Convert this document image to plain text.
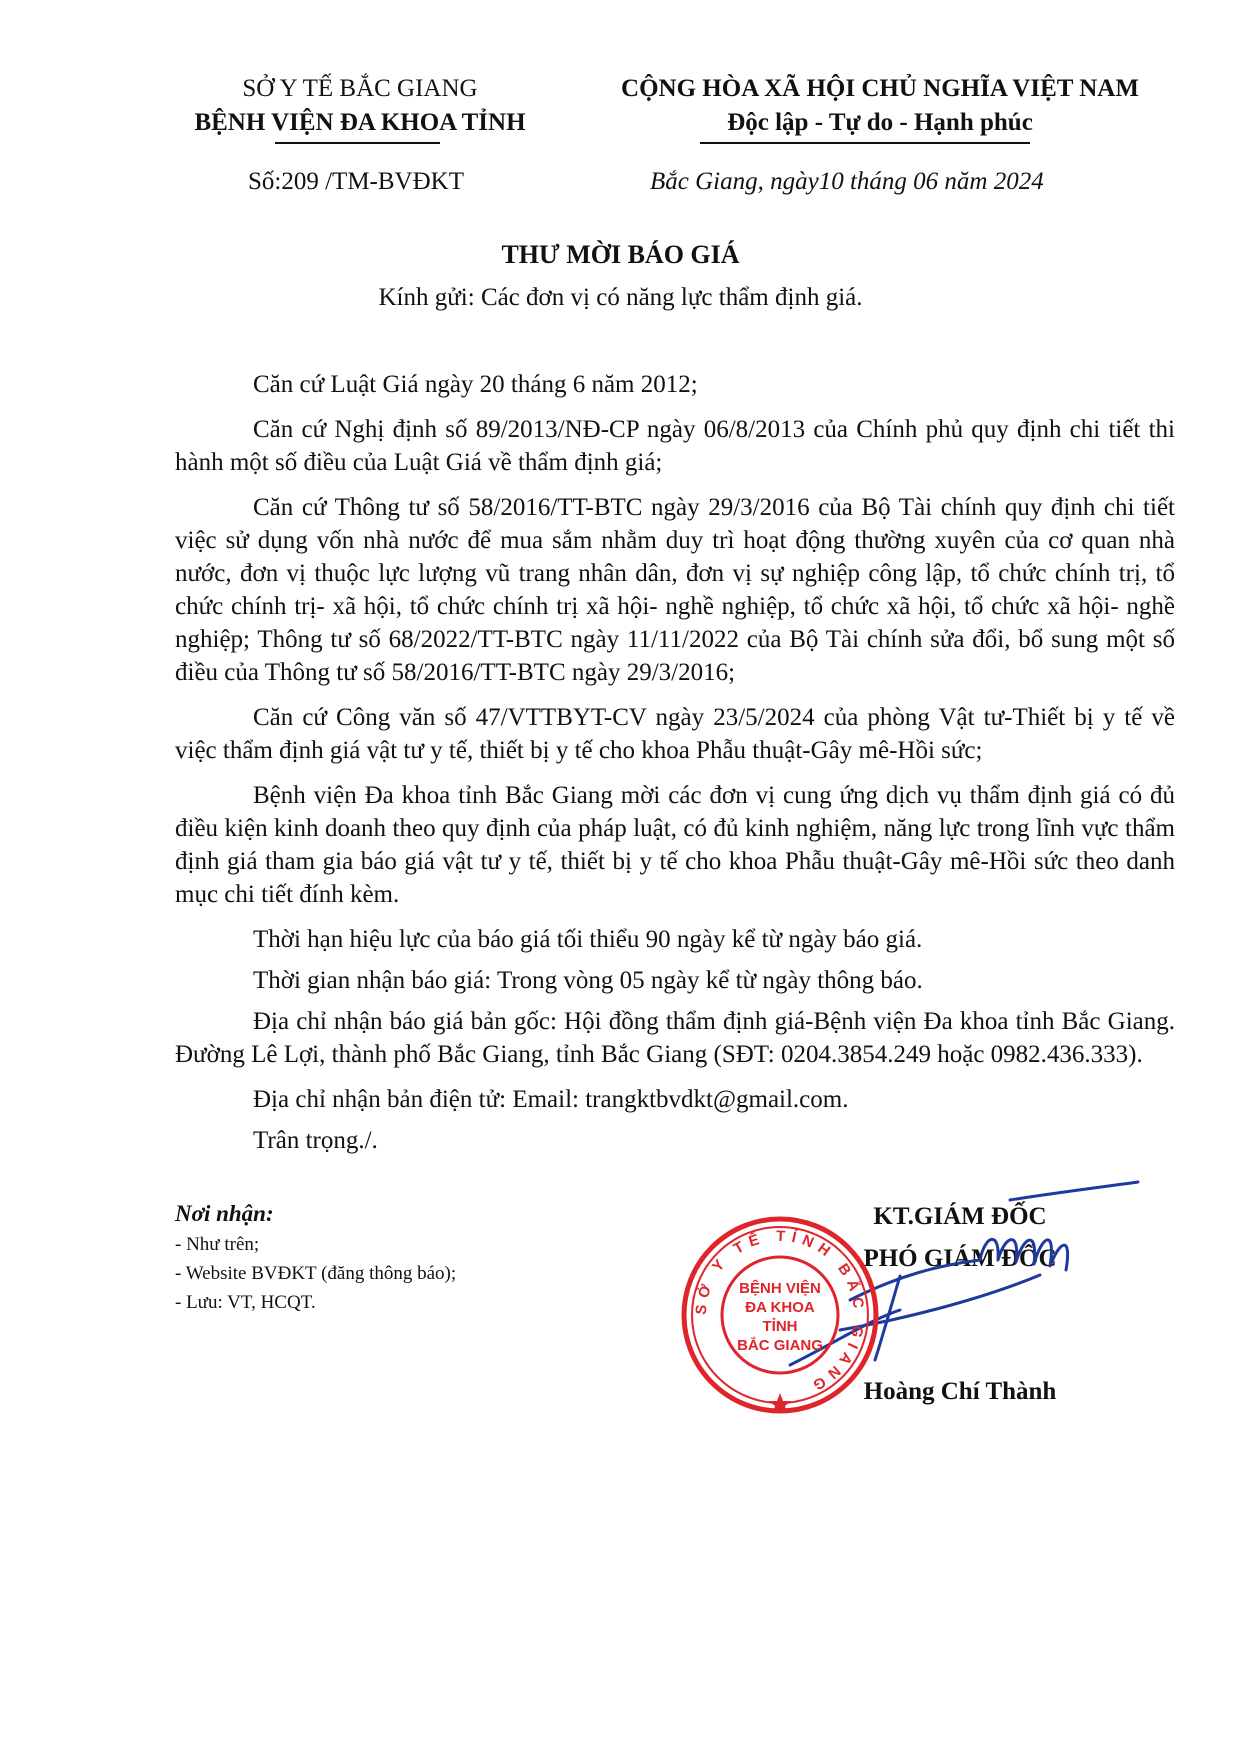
SỞ Y TẾ BẮC GIANG
BỆNH VIỆN ĐA KHOA TỈNH
CỘNG HÒA XÃ HỘI CHỦ NGHĨA VIỆT NAM
Độc lập - Tự do - Hạnh phúc
Số:209 /TM-BVĐKT	Bắc Giang, ngày10 tháng 06 năm 2024
THƯ MỜI BÁO GIÁ
Kính gửi: Các đơn vị có năng lực thẩm định giá.

Căn cứ Luật Giá ngày 20 tháng 6 năm 2012;

Căn cứ Nghị định số 89/2013/NĐ-CP ngày 06/8/2013 của Chính phủ quy định chi tiết thi hành một số điều của Luật Giá về thẩm định giá;

Căn cứ Thông tư số 58/2016/TT-BTC ngày 29/3/2016 của Bộ Tài chính quy định chi tiết việc sử dụng vốn nhà nước để mua sắm nhằm duy trì hoạt động thường xuyên của cơ quan nhà nước, đơn vị thuộc lực lượng vũ trang nhân dân, đơn vị sự nghiệp công lập, tổ chức chính trị, tổ chức chính trị- xã hội, tổ chức chính trị xã hội- nghề nghiệp, tổ chức xã hội, tổ chức xã hội- nghề nghiệp; Thông tư số 68/2022/TT-BTC ngày 11/11/2022 của Bộ Tài chính sửa đổi, bổ sung một số điều của Thông tư số 58/2016/TT-BTC ngày 29/3/2016;

Căn cứ Công văn số 47/VTTBYT-CV ngày 23/5/2024 của phòng Vật tư-Thiết bị y tế về việc thẩm định giá vật tư y tế, thiết bị y tế cho khoa Phẫu thuật-Gây mê-Hồi sức;

Bệnh viện Đa khoa tỉnh Bắc Giang mời các đơn vị cung ứng dịch vụ thẩm định giá có đủ điều kiện kinh doanh theo quy định của pháp luật, có đủ kinh nghiệm, năng lực trong lĩnh vực thẩm định giá tham gia báo giá vật tư y tế, thiết bị y tế cho khoa Phẫu thuật-Gây mê-Hồi sức theo danh mục chi tiết đính kèm.

Thời hạn hiệu lực của báo giá tối thiểu 90 ngày kể từ ngày báo giá.

Thời gian nhận báo giá: Trong vòng 05 ngày kể từ ngày thông báo.

Địa chỉ nhận báo giá bản gốc: Hội đồng thẩm định giá-Bệnh viện Đa khoa tỉnh Bắc Giang. Đường Lê Lợi, thành phố Bắc Giang, tỉnh Bắc Giang (SĐT: 0204.3854.249 hoặc 0982.436.333).

Địa chỉ nhận bản điện tử: Email: trangktbvdkt@gmail.com.

Trân trọng./.

Nơi nhận:
- Như trên;
- Website BVĐKT (đăng thông báo);
- Lưu: VT, HCQT.
KT.GIÁM ĐỐC
PHÓ GIÁM ĐỐC
SỞ Y TẾ TỈNH BẮC GIANG
BỆNH VIỆN
ĐA KHOA
TỈNH
BẮC GIANG
Hoàng Chí Thành
